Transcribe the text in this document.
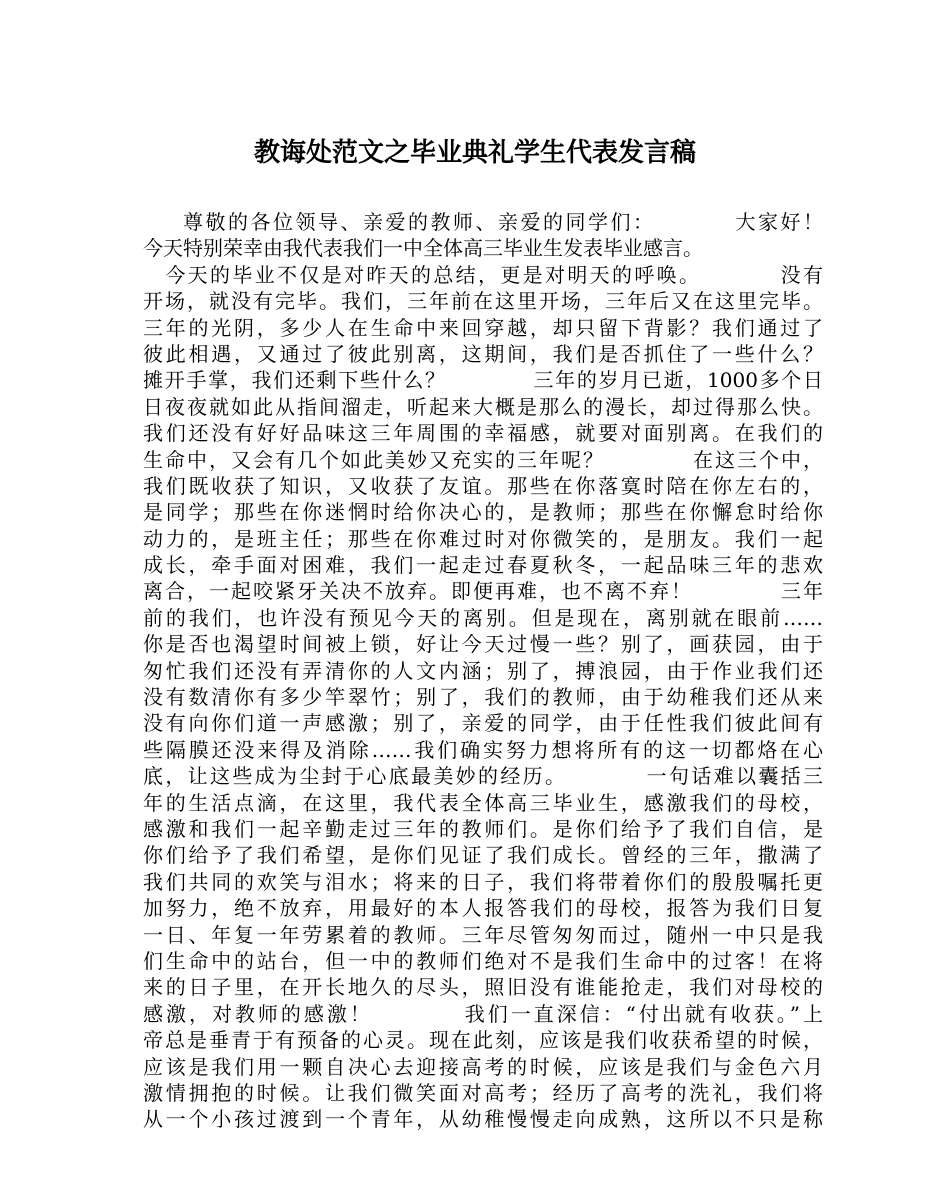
教诲处范文之毕业典礼学生代表发言稿
尊敬的各位领导、亲爱的教师、亲爱的同学们：　　　　大家好！
今天特别荣幸由我代表我们一中全体高三毕业生发表毕业感言。
　今天的毕业不仅是对昨天的总结，更是对明天的呼唤。　　　　没有
开场，就没有完毕。我们，三年前在这里开场，三年后又在这里完毕。
三年的光阴，多少人在生命中来回穿越，却只留下背影？我们通过了
彼此相遇，又通过了彼此别离，这期间，我们是否抓住了一些什么？
摊开手掌，我们还剩下些什么？　　　　三年的岁月已逝，1000多个日
日夜夜就如此从指间溜走，听起来大概是那么的漫长，却过得那么快。
我们还没有好好品味这三年周围的幸福感，就要对面别离。在我们的
生命中，又会有几个如此美妙又充实的三年呢？　　　　在这三个中，
我们既收获了知识，又收获了友谊。那些在你落寞时陪在你左右的，
是同学；那些在你迷惘时给你决心的，是教师；那些在你懈怠时给你
动力的，是班主任；那些在你难过时对你微笑的，是朋友。我们一起
成长，牵手面对困难，我们一起走过春夏秋冬，一起品味三年的悲欢
离合，一起咬紧牙关决不放弃。即便再难，也不离不弃！　　　　三年
前的我们，也许没有预见今天的离别。但是现在，离别就在眼前……
你是否也渴望时间被上锁，好让今天过慢一些？别了，画获园，由于
匆忙我们还没有弄清你的人文内涵；别了，搏浪园，由于作业我们还
没有数清你有多少竿翠竹；别了，我们的教师，由于幼稚我们还从来
没有向你们道一声感激；别了，亲爱的同学，由于任性我们彼此间有
些隔膜还没来得及消除……我们确实努力想将所有的这一切都烙在心
底，让这些成为尘封于心底最美妙的经历。　　　　一句话难以囊括三
年的生活点滴，在这里，我代表全体高三毕业生，感激我们的母校，
感激和我们一起辛勤走过三年的教师们。是你们给予了我们自信，是
你们给予了我们希望，是你们见证了我们成长。曾经的三年，撒满了
我们共同的欢笑与泪水；将来的日子，我们将带着你们的殷殷嘱托更
加努力，绝不放弃，用最好的本人报答我们的母校，报答为我们日复
一日、年复一年劳累着的教师。三年尽管匆匆而过，随州一中只是我
们生命中的站台，但一中的教师们绝对不是我们生命中的过客！在将
来的日子里，在开长地久的尽头，照旧没有谁能抢走，我们对母校的
感激，对教师的感激！　　　　我们一直深信：“付出就有收获。”上
帝总是垂青于有预备的心灵。现在此刻，应该是我们收获希望的时候，
应该是我们用一颗自决心去迎接高考的时候，应该是我们与金色六月
激情拥抱的时候。让我们微笑面对高考；经历了高考的洗礼，我们将
从一个小孩过渡到一个青年，从幼稚慢慢走向成熟，这所以不只是称
